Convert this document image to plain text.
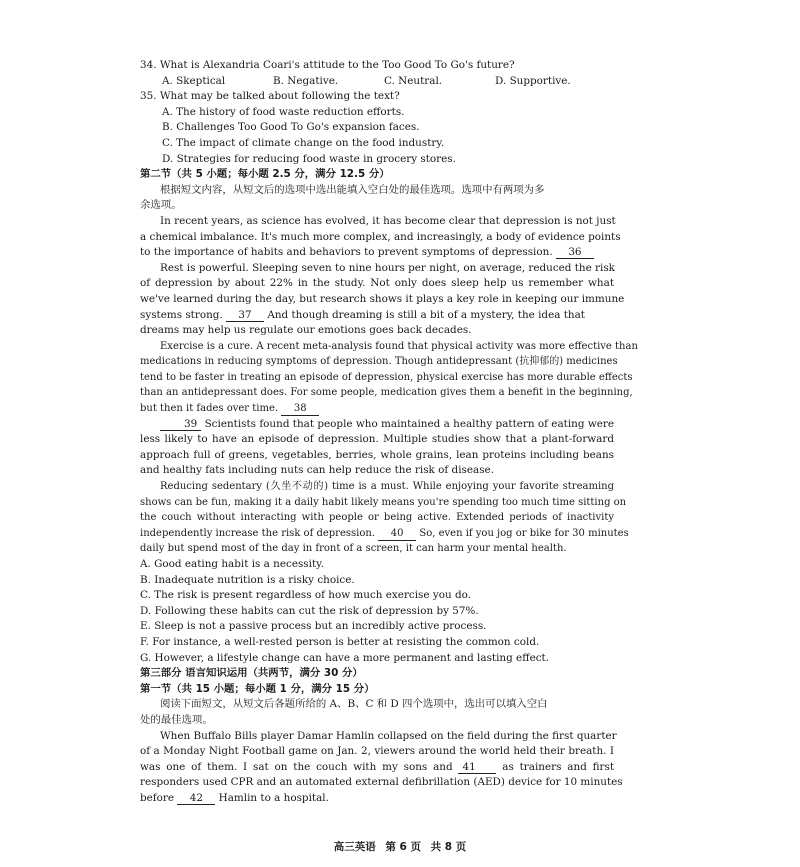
34. What is Alexandria Coari's attitude to the Too Good To Go's future?
A. Skeptical	B. Negative.	C. Neutral.	D. Supportive.
35. What may be talked about following the text?
A. The history of food waste reduction efforts.
B. Challenges Too Good To Go's expansion faces.
C. The impact of climate change on the food industry.
D. Strategies for reducing food waste in grocery stores.
第二节（共 5 小题；每小题 2.5 分，满分 12.5 分）
根据短文内容，从短文后的选项中选出能填入空白处的最佳选项。选项中有两项为多
余选项。
In recent years, as science has evolved, it has become clear that depression is not just
a chemical imbalance. It's much more complex, and increasingly, a body of evidence points
to the importance of habits and behaviors to prevent symptoms of depression. 36
Rest is powerful. Sleeping seven to nine hours per night, on average, reduced the risk
of depression by about 22% in the study. Not only does sleep help us remember what
we've learned during the day, but research shows it plays a key role in keeping our immune
systems strong. 37 And though dreaming is still a bit of a mystery, the idea that
dreams may help us regulate our emotions goes back decades.
Exercise is a cure. A recent meta-analysis found that physical activity was more effective than
medications in reducing symptoms of depression. Though antidepressant (抗抑郁的) medicines
tend to be faster in treating an episode of depression, physical exercise has more durable effects
than an antidepressant does. For some people, medication gives them a benefit in the beginning,
but then it fades over time. 38
39 Scientists found that people who maintained a healthy pattern of eating were
less likely to have an episode of depression. Multiple studies show that a plant-forward
approach full of greens, vegetables, berries, whole grains, lean proteins including beans
and healthy fats including nuts can help reduce the risk of disease.
Reducing sedentary (久坐不动的) time is a must. While enjoying your favorite streaming
shows can be fun, making it a daily habit likely means you're spending too much time sitting on
the couch without interacting with people or being active. Extended periods of inactivity
independently increase the risk of depression. 40 So, even if you jog or bike for 30 minutes
daily but spend most of the day in front of a screen, it can harm your mental health.
A. Good eating habit is a necessity.
B. Inadequate nutrition is a risky choice.
C. The risk is present regardless of how much exercise you do.
D. Following these habits can cut the risk of depression by 57%.
E. Sleep is not a passive process but an incredibly active process.
F. For instance, a well-rested person is better at resisting the common cold.
G. However, a lifestyle change can have a more permanent and lasting effect.
第三部分 语言知识运用（共两节，满分 30 分）
第一节（共 15 小题；每小题 1 分，满分 15 分）
阅读下面短文，从短文后各题所给的 A、B、C 和 D 四个选项中，选出可以填入空白
处的最佳选项。
When Buffalo Bills player Damar Hamlin collapsed on the field during the first quarter
of a Monday Night Football game on Jan. 2, viewers around the world held their breath. I
was one of them. I sat on the couch with my sons and 41	as trainers and first
responders used CPR and an automated external defibrillation (AED) device for 10 minutes
before 42 Hamlin to a hospital.
高三英语 第 6 页 共 8 页
